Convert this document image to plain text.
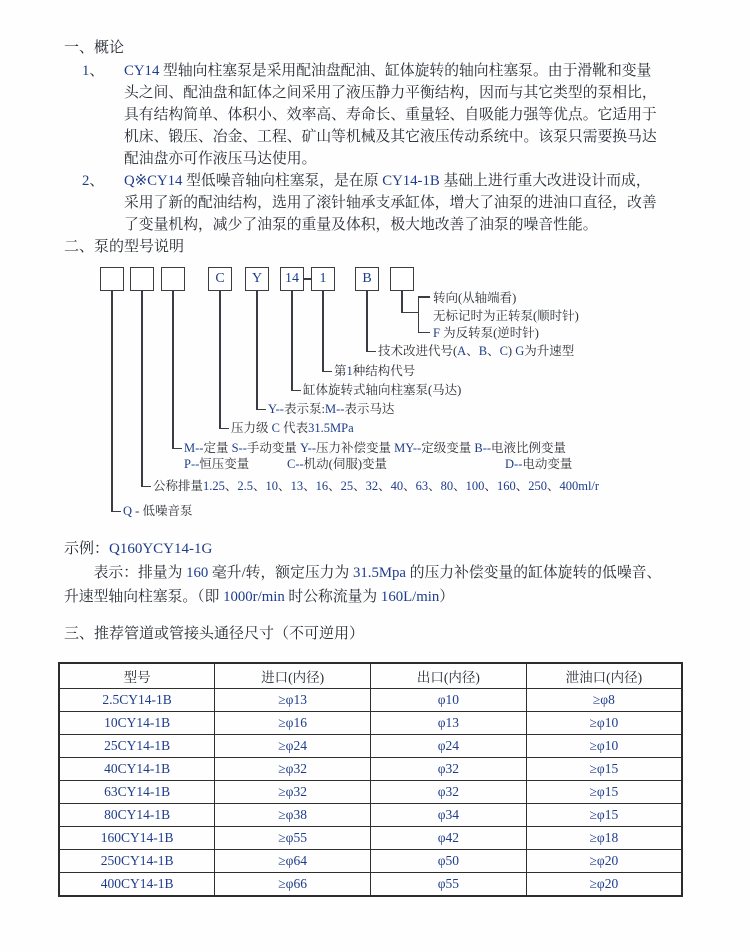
一、概论
1、 CY14 型轴向柱塞泵是采用配油盘配油、缸体旋转的轴向柱塞泵。由于滑靴和变量
头之间、配油盘和缸体之间采用了液压静力平衡结构，因而与其它类型的泵相比，
具有结构简单、体积小、效率高、寿命长、重量轻、自吸能力强等优点。它适用于
机床、锻压、冶金、工程、矿山等机械及其它液压传动系统中。该泵只需要换马达
配油盘亦可作液压马达使用。
2、 Q※CY14 型低噪音轴向柱塞泵，是在原 CY14-1B 基础上进行重大改进设计而成，
采用了新的配油结构，选用了滚针轴承支承缸体，增大了油泵的进油口直径，改善
了变量机构，减少了油泵的重量及体积，极大地改善了油泵的噪音性能。
二、泵的型号说明
C	Y	14	1	B
转向(从轴端看)
无标记时为正转泵(顺时针)
F 为反转泵(逆时针)
技术改进代号(A、B、C) G为升速型
第1种结构代号
缸体旋转式轴向柱塞泵(马达)
Y--表示泵:M--表示马达
压力级 C 代表31.5MPa
M--定量 S--手动变量 Y--压力补偿变量 MY--定级变量 B--电液比例变量
P--恒压变量	C--机动(伺服)变量	D--电动变量
公称排量1.25、2.5、10、13、16、25、32、40、63、80、100、160、250、400ml/r
Q - 低噪音泵
示例：Q160YCY14-1G
表示：排量为 160 毫升/转，额定压力为 31.5Mpa 的压力补偿变量的缸体旋转的低噪音、
升速型轴向柱塞泵。（即 1000r/min 时公称流量为 160L/min）
三、推荐管道或管接头通径尺寸（不可逆用）
型号	进口(内径)	出口(内径)	泄油口(内径)
2.5CY14-1B	≥φ13	φ10	≥φ8
10CY14-1B	≥φ16	φ13	≥φ10
25CY14-1B	≥φ24	φ24	≥φ10
40CY14-1B	≥φ32	φ32	≥φ15
63CY14-1B	≥φ32	φ32	≥φ15
80CY14-1B	≥φ38	φ34	≥φ15
160CY14-1B	≥φ55	φ42	≥φ18
250CY14-1B	≥φ64	φ50	≥φ20
400CY14-1B	≥φ66	φ55	≥φ20
